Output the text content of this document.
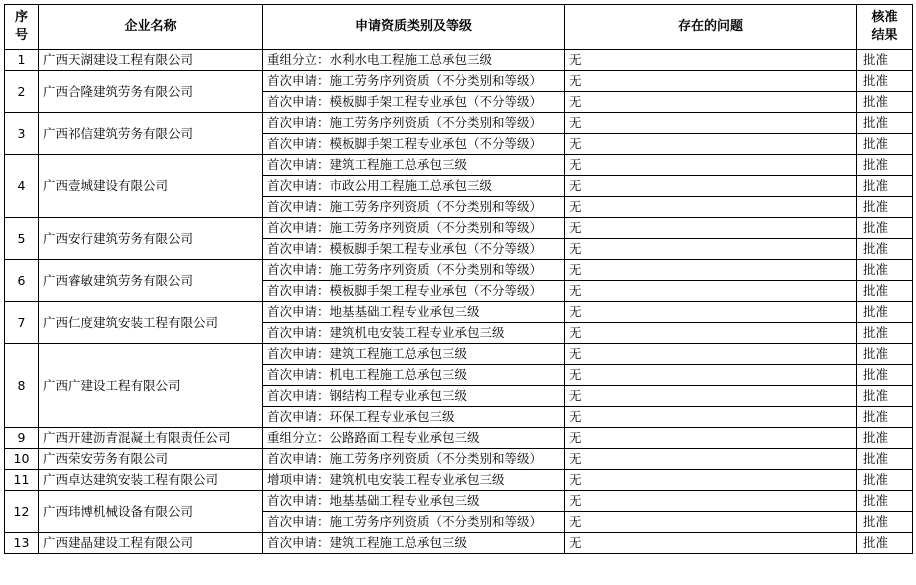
序号	企业名称	申请资质类别及等级	存在的问题	核准结果
1	广西天湖建设工程有限公司	重组分立：水利水电工程施工总承包三级	无	批准
2	广西合隆建筑劳务有限公司	首次申请：施工劳务序列资质（不分类别和等级）	无	批准
		首次申请：模板脚手架工程专业承包（不分等级）	无	批准
3	广西祁信建筑劳务有限公司	首次申请：施工劳务序列资质（不分类别和等级）	无	批准
		首次申请：模板脚手架工程专业承包（不分等级）	无	批准
4	广西壹城建设有限公司	首次申请：建筑工程施工总承包三级	无	批准
		首次申请：市政公用工程施工总承包三级	无	批准
		首次申请：施工劳务序列资质（不分类别和等级）	无	批准
5	广西安行建筑劳务有限公司	首次申请：施工劳务序列资质（不分类别和等级）	无	批准
		首次申请：模板脚手架工程专业承包（不分等级）	无	批准
6	广西睿敏建筑劳务有限公司	首次申请：施工劳务序列资质（不分类别和等级）	无	批准
		首次申请：模板脚手架工程专业承包（不分等级）	无	批准
7	广西仁度建筑安装工程有限公司	首次申请：地基基础工程专业承包三级	无	批准
		首次申请：建筑机电安装工程专业承包三级	无	批准
8	广西广建设工程有限公司	首次申请：建筑工程施工总承包三级	无	批准
		首次申请：机电工程施工总承包三级	无	批准
		首次申请：钢结构工程专业承包三级	无	批准
		首次申请：环保工程专业承包三级	无	批准
9	广西开建沥青混凝土有限责任公司	重组分立：公路路面工程专业承包三级	无	批准
10	广西荣安劳务有限公司	首次申请：施工劳务序列资质（不分类别和等级）	无	批准
11	广西卓达建筑安装工程有限公司	增项申请：建筑机电安装工程专业承包三级	无	批准
12	广西玮博机械设备有限公司	首次申请：地基基础工程专业承包三级	无	批准
		首次申请：施工劳务序列资质（不分类别和等级）	无	批准
13	广西建晶建设工程有限公司	首次申请：建筑工程施工总承包三级	无	批准
